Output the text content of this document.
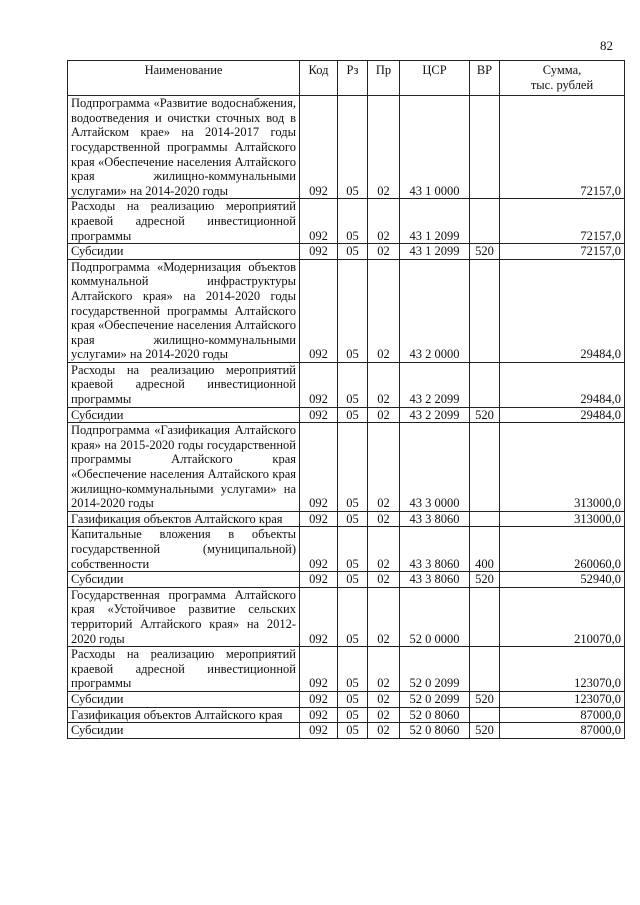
82
Наименование	Код	Рз	Пр	ЦСР	ВР	Сумма,
тыс. рублей

Подпрограмма «Развитие водоснабжения, водоотведения и очистки сточных вод в Алтайском крае» на 2014-2017 годы государственной программы Алтайского края «Обеспечение населения Алтайского края жилищно-коммунальными услугами» на 2014-2020 годы	092	05	02	43 1 0000		72157,0
Расходы на реализацию мероприятий краевой адресной инвестиционной программы	092	05	02	43 1 2099		72157,0
Субсидии	092	05	02	43 1 2099	520	72157,0
Подпрограмма «Модернизация объектов коммунальной инфраструктуры Алтайского края» на 2014-2020 годы государственной программы Алтайского края «Обеспечение населения Алтайского края жилищно-коммунальными услугами» на 2014-2020 годы	092	05	02	43 2 0000		29484,0
Расходы на реализацию мероприятий краевой адресной инвестиционной программы	092	05	02	43 2 2099		29484,0
Субсидии	092	05	02	43 2 2099	520	29484,0
Подпрограмма «Газификация Алтайского края» на 2015-2020 годы государственной программы Алтайского края «Обеспечение населения Алтайского края жилищно-коммунальными услугами» на 2014-2020 годы	092	05	02	43 3 0000		313000,0
Газификация объектов Алтайского края	092	05	02	43 3 8060		313000,0
Капитальные вложения в объекты государственной (муниципальной) собственности	092	05	02	43 3 8060	400	260060,0
Субсидии	092	05	02	43 3 8060	520	52940,0
Государственная программа Алтайского края «Устойчивое развитие сельских территорий Алтайского края» на 2012-2020 годы	092	05	02	52 0 0000		210070,0
Расходы на реализацию мероприятий краевой адресной инвестиционной программы	092	05	02	52 0 2099		123070,0
Субсидии	092	05	02	52 0 2099	520	123070,0
Газификация объектов Алтайского края	092	05	02	52 0 8060		87000,0
Субсидии	092	05	02	52 0 8060	520	87000,0
